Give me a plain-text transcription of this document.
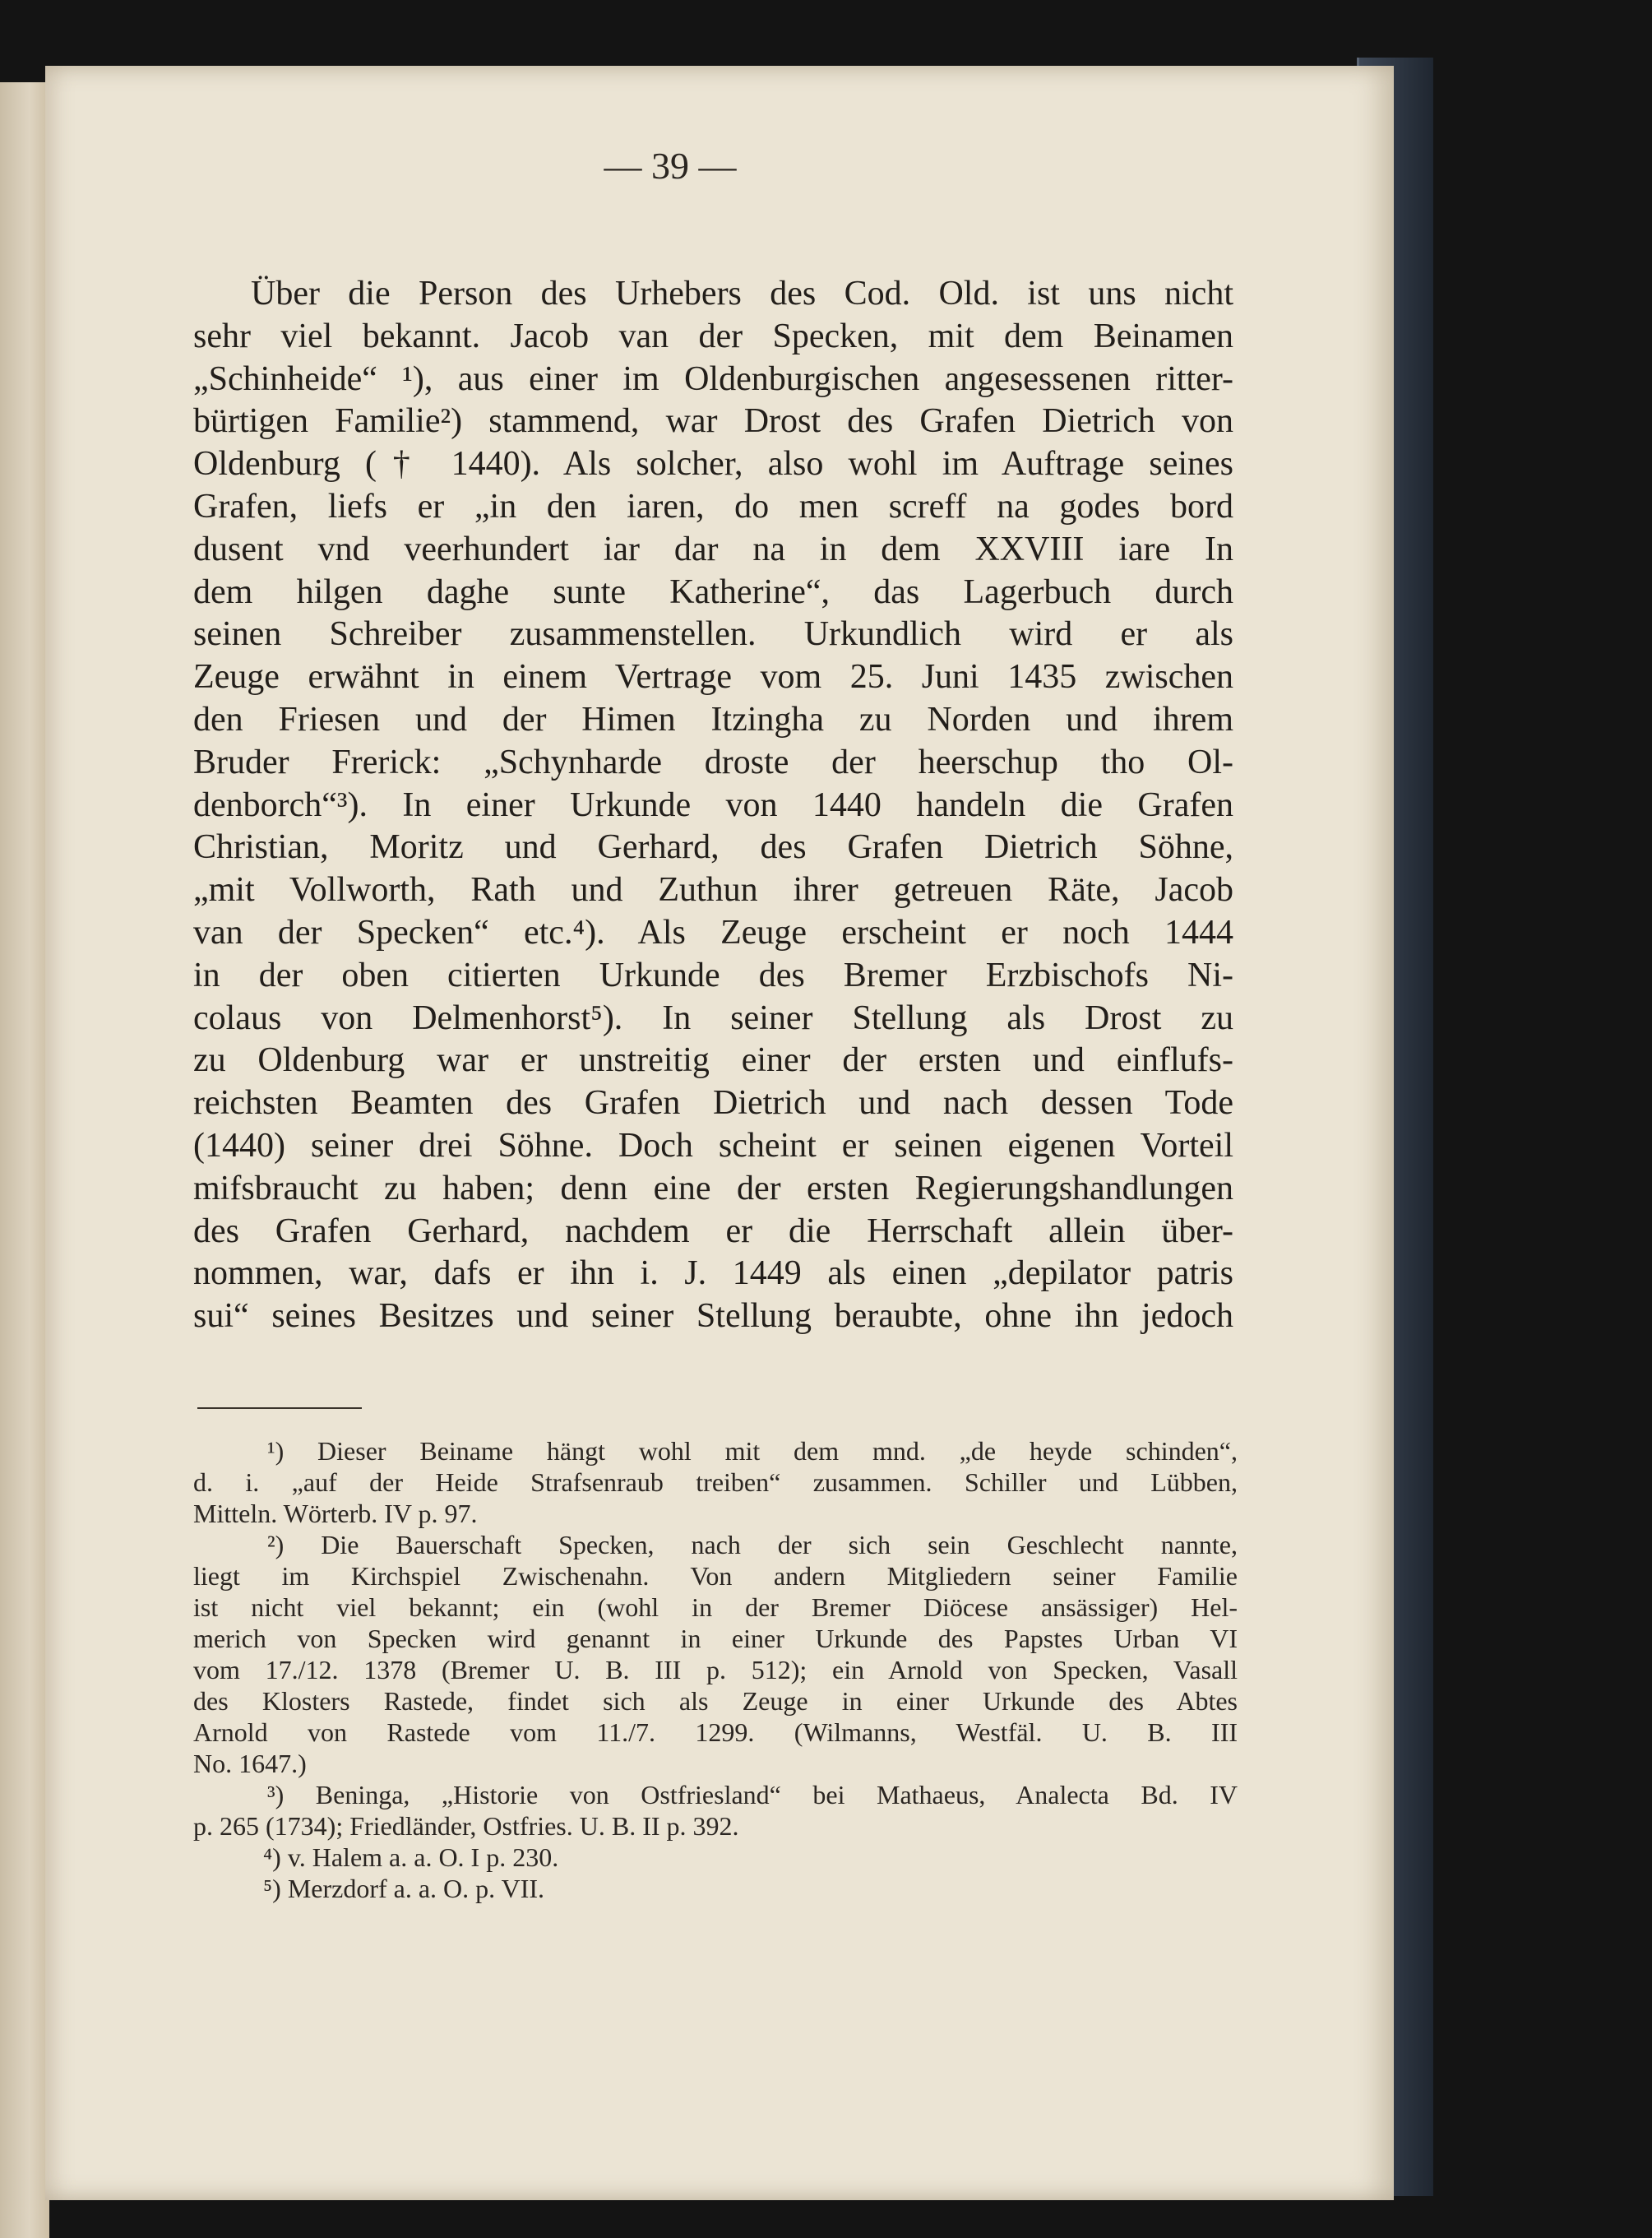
— 39 —
Über die Person des Urhebers des Cod. Old. ist uns nicht
sehr viel bekannt. Jacob van der Specken, mit dem Beinamen
„Schinheide“ ¹), aus einer im Oldenburgischen angesessenen ritter-
bürtigen Familie²) stammend, war Drost des Grafen Dietrich von
Oldenburg († 1440). Als solcher, also wohl im Auftrage seines
Grafen, liefs er „in den iaren, do men screff na godes bord
dusent vnd veerhundert iar dar na in dem XXVIII iare In
dem hilgen daghe sunte Katherine“, das Lagerbuch durch
seinen Schreiber zusammenstellen. Urkundlich wird er als
Zeuge erwähnt in einem Vertrage vom 25. Juni 1435 zwischen
den Friesen und der Himen Itzingha zu Norden und ihrem
Bruder Frerick: „Schynharde droste der heerschup tho Ol-
denborch“³). In einer Urkunde von 1440 handeln die Grafen
Christian, Moritz und Gerhard, des Grafen Dietrich Söhne,
„mit Vollworth, Rath und Zuthun ihrer getreuen Räte, Jacob
van der Specken“ etc.⁴). Als Zeuge erscheint er noch 1444
in der oben citierten Urkunde des Bremer Erzbischofs Ni-
colaus von Delmenhorst⁵). In seiner Stellung als Drost zu
zu Oldenburg war er unstreitig einer der ersten und einflufs-
reichsten Beamten des Grafen Dietrich und nach dessen Tode
(1440) seiner drei Söhne. Doch scheint er seinen eigenen Vorteil
mifsbraucht zu haben; denn eine der ersten Regierungshandlungen
des Grafen Gerhard, nachdem er die Herrschaft allein über-
nommen, war, dafs er ihn i. J. 1449 als einen „depilator patris
sui“ seines Besitzes und seiner Stellung beraubte, ohne ihn jedoch
¹) Dieser Beiname hängt wohl mit dem mnd. „de heyde schinden“,
d. i. „auf der Heide Strafsenraub treiben“ zusammen. Schiller und Lübben,
Mitteln. Wörterb. IV p. 97.
²) Die Bauerschaft Specken, nach der sich sein Geschlecht nannte,
liegt im Kirchspiel Zwischenahn. Von andern Mitgliedern seiner Familie
ist nicht viel bekannt; ein (wohl in der Bremer Diöcese ansässiger) Hel-
merich von Specken wird genannt in einer Urkunde des Papstes Urban VI
vom 17./12. 1378 (Bremer U. B. III p. 512); ein Arnold von Specken, Vasall
des Klosters Rastede, findet sich als Zeuge in einer Urkunde des Abtes
Arnold von Rastede vom 11./7. 1299. (Wilmanns, Westfäl. U. B. III
No. 1647.)
³) Beninga, „Historie von Ostfriesland“ bei Mathaeus, Analecta Bd. IV
p. 265 (1734); Friedländer, Ostfries. U. B. II p. 392.
⁴) v. Halem a. a. O. I p. 230.
⁵) Merzdorf a. a. O. p. VII.
